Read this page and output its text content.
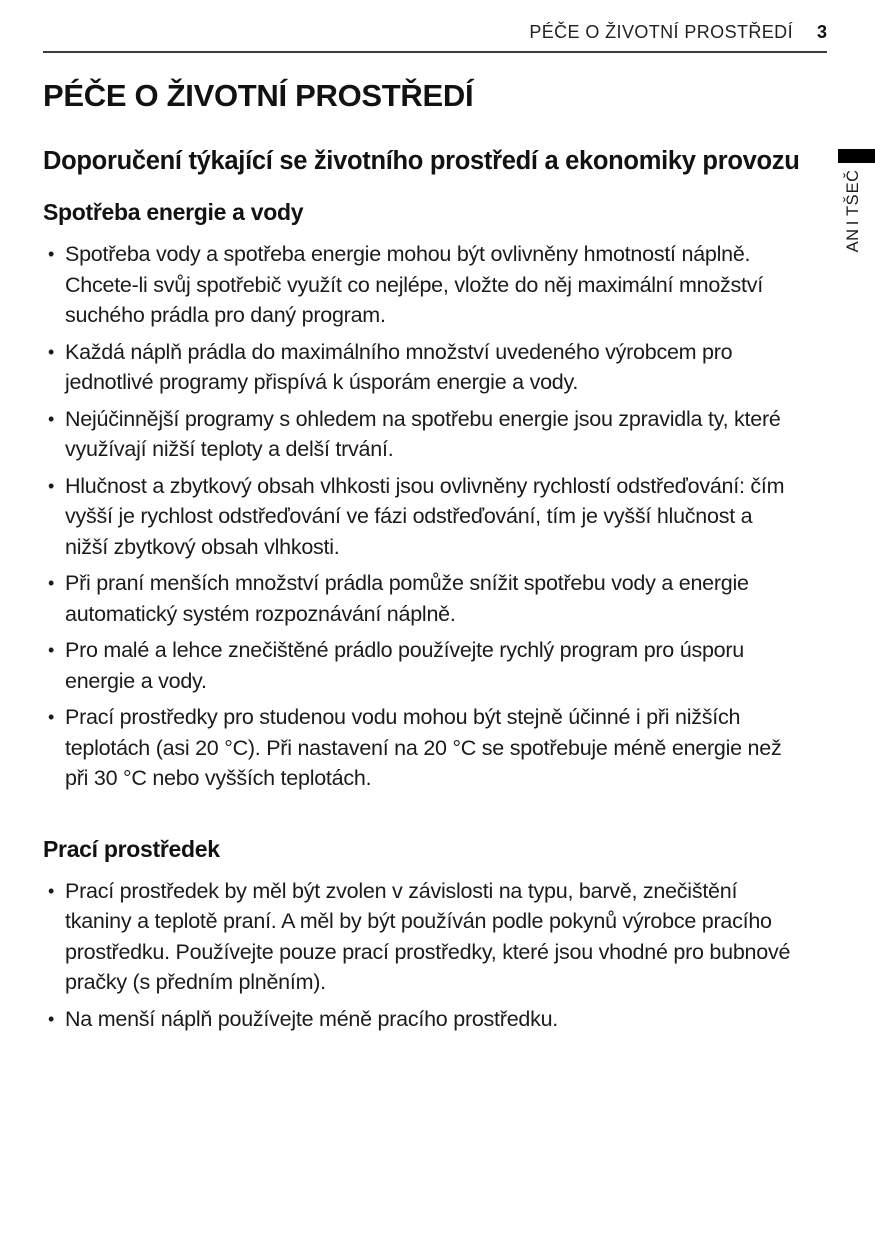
PÉČE O ŽIVOTNÍ PROSTŘEDÍ 3
Č
E
Š
T
I
N
A
PÉČE O ŽIVOTNÍ PROSTŘEDÍ
Doporučení týkající se životního prostředí a ekonomiky provozu
Spotřeba energie a vody
• Spotřeba vody a spotřeba energie mohou být ovlivněny hmotností náplně. Chcete-li svůj spotřebič využít co nejlépe, vložte do něj maximální množství suchého prádla pro daný program.
• Každá náplň prádla do maximálního množství uvedeného výrobcem pro jednotlivé programy přispívá k úsporám energie a vody.
• Nejúčinnější programy s ohledem na spotřebu energie jsou zpravidla ty, které využívají nižší teploty a delší trvání.
• Hlučnost a zbytkový obsah vlhkosti jsou ovlivněny rychlostí odstřeďování: čím vyšší je rychlost odstřeďování ve fázi odstřeďování, tím je vyšší hlučnost a nižší zbytkový obsah vlhkosti.
• Při praní menších množství prádla pomůže snížit spotřebu vody a energie automatický systém rozpoznávání náplně.
• Pro malé a lehce znečištěné prádlo používejte rychlý program pro úsporu energie a vody.
• Prací prostředky pro studenou vodu mohou být stejně účinné i při nižších teplotách (asi 20 °C). Při nastavení na 20 °C se spotřebuje méně energie než při 30 °C nebo vyšších teplotách.
Prací prostředek
• Prací prostředek by měl být zvolen v závislosti na typu, barvě, znečištění tkaniny a teplotě praní. A měl by být používán podle pokynů výrobce pracího prostředku. Používejte pouze prací prostředky, které jsou vhodné pro bubnové pračky (s předním plněním).
• Na menší náplň používejte méně pracího prostředku.
